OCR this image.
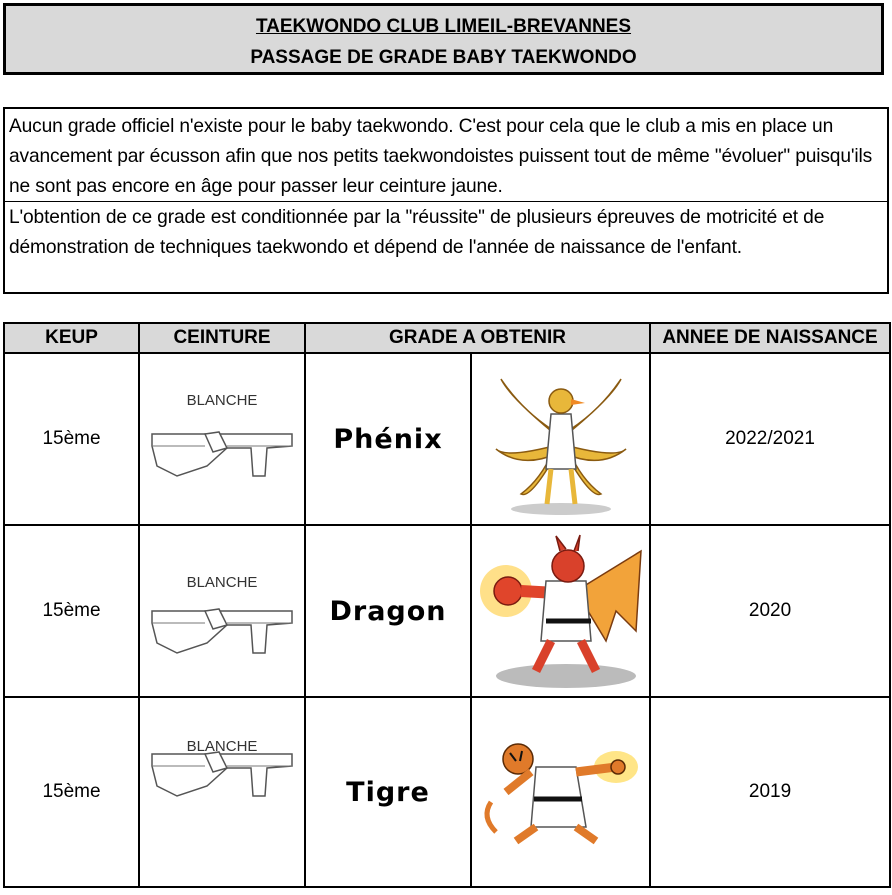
TAEKWONDO CLUB LIMEIL-BREVANNES
PASSAGE DE GRADE BABY TAEKWONDO
Aucun grade officiel n'existe pour le baby taekwondo. C'est pour cela que le club a mis en place un avancement par écusson afin que nos petits taekwondoistes puissent tout de même "évoluer" puisqu'ils ne sont pas encore en âge pour passer leur ceinture jaune.
L'obtention de ce grade est conditionnée par la "réussite" de plusieurs épreuves de motricité et de démonstration de techniques taekwondo et dépend de l'année de naissance de l'enfant.
KEUP	CEINTURE	GRADE A OBTENIR		ANNEE DE NAISSANCE
15ème	BLANCHE	Phénix		2022/2021
15ème	BLANCHE	Dragon		2020
15ème	BLANCHE	Tigre		2019
